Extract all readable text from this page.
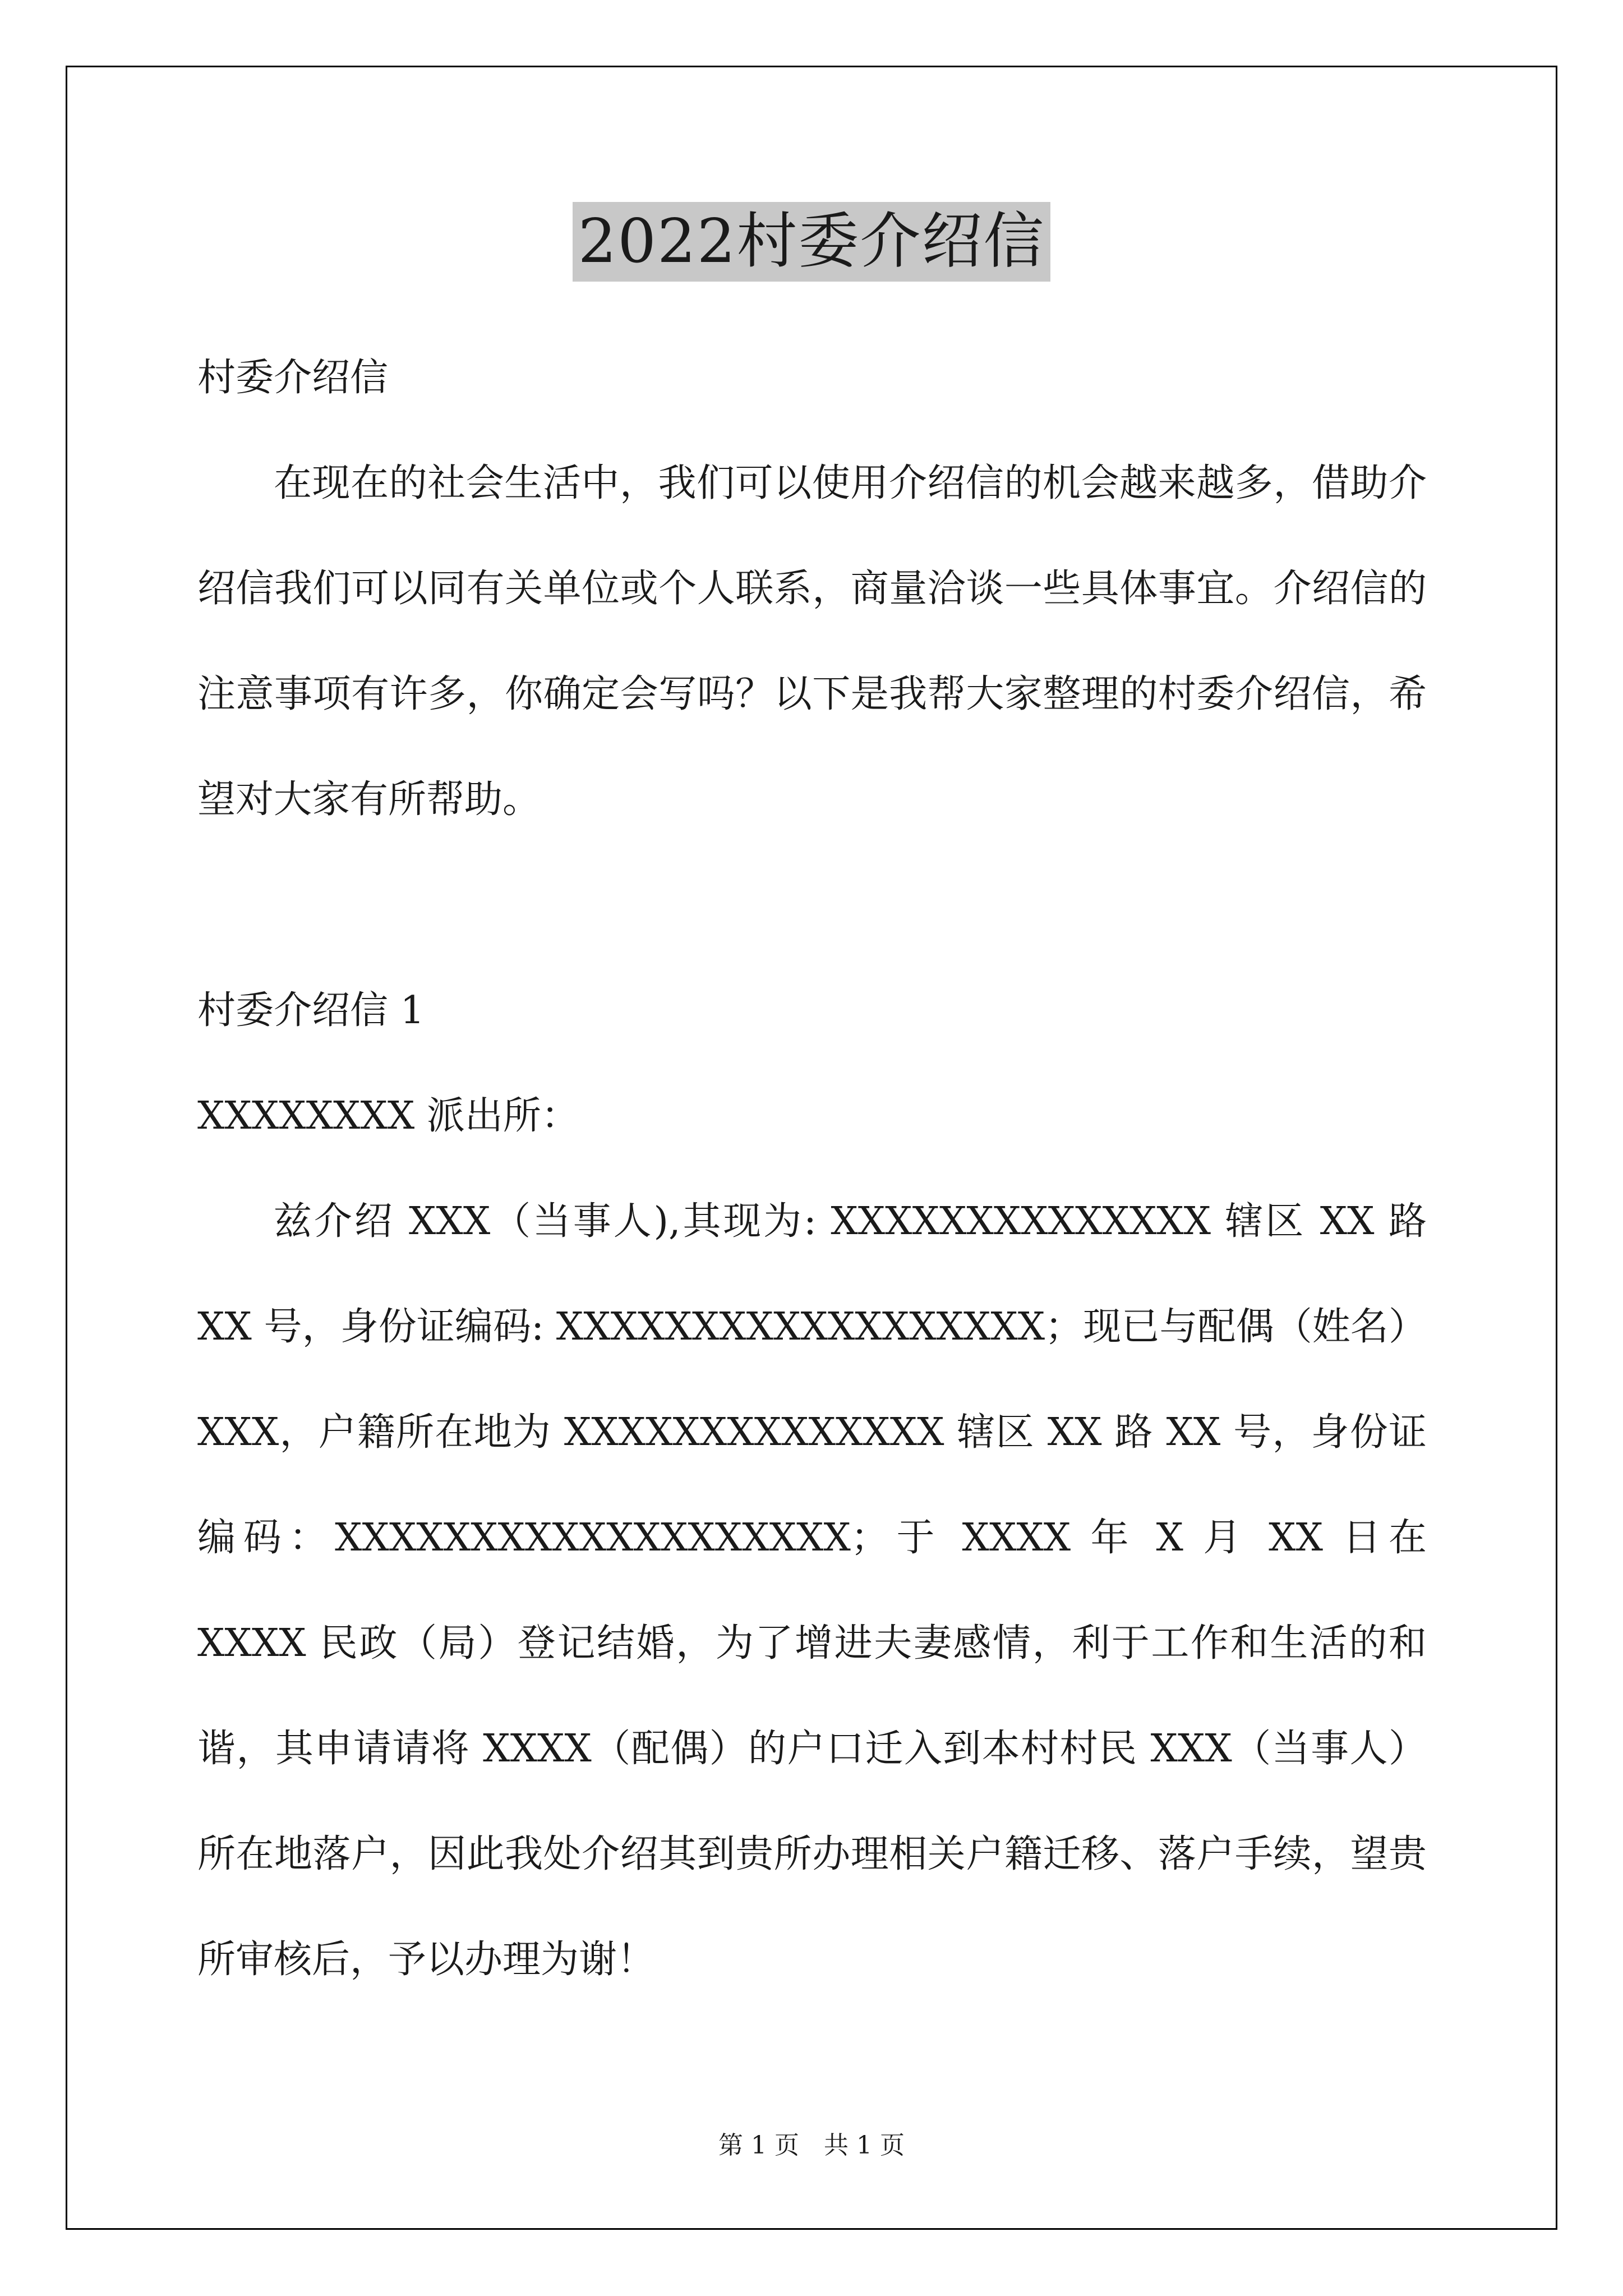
2022村委介绍信

村委介绍信

在现在的社会生活中，我们可以使用介绍信的机会越来越多，借助介绍信我们可以同有关单位或个人联系，商量洽谈一些具体事宜。介绍信的注意事项有许多，你确定会写吗？以下是我帮大家整理的村委介绍信，希望对大家有所帮助。

村委介绍信 1

XXXXXXXX 派出所：

兹介绍 XXX（当事人),其现为: XXXXXXXXXXXXXX 辖区 XX 路 XX 号，身份证编码: XXXXXXXXXXXXXXXXXX；现已与配偶（姓名）XXX，户籍所在地为 XXXXXXXXXXXXXX 辖区 XX 路 XX 号，身份证编码：XXXXXXXXXXXXXXXXXXX；于 XXXX 年 X 月 XX 日在 XXXX 民政（局）登记结婚，为了增进夫妻感情，利于工作和生活的和谐，其申请请将 XXXX（配偶）的户口迁入到本村村民 XXX（当事人）所在地落户，因此我处介绍其到贵所办理相关户籍迁移、落户手续，望贵所审核后，予以办理为谢！

第 1 页 共 1 页
